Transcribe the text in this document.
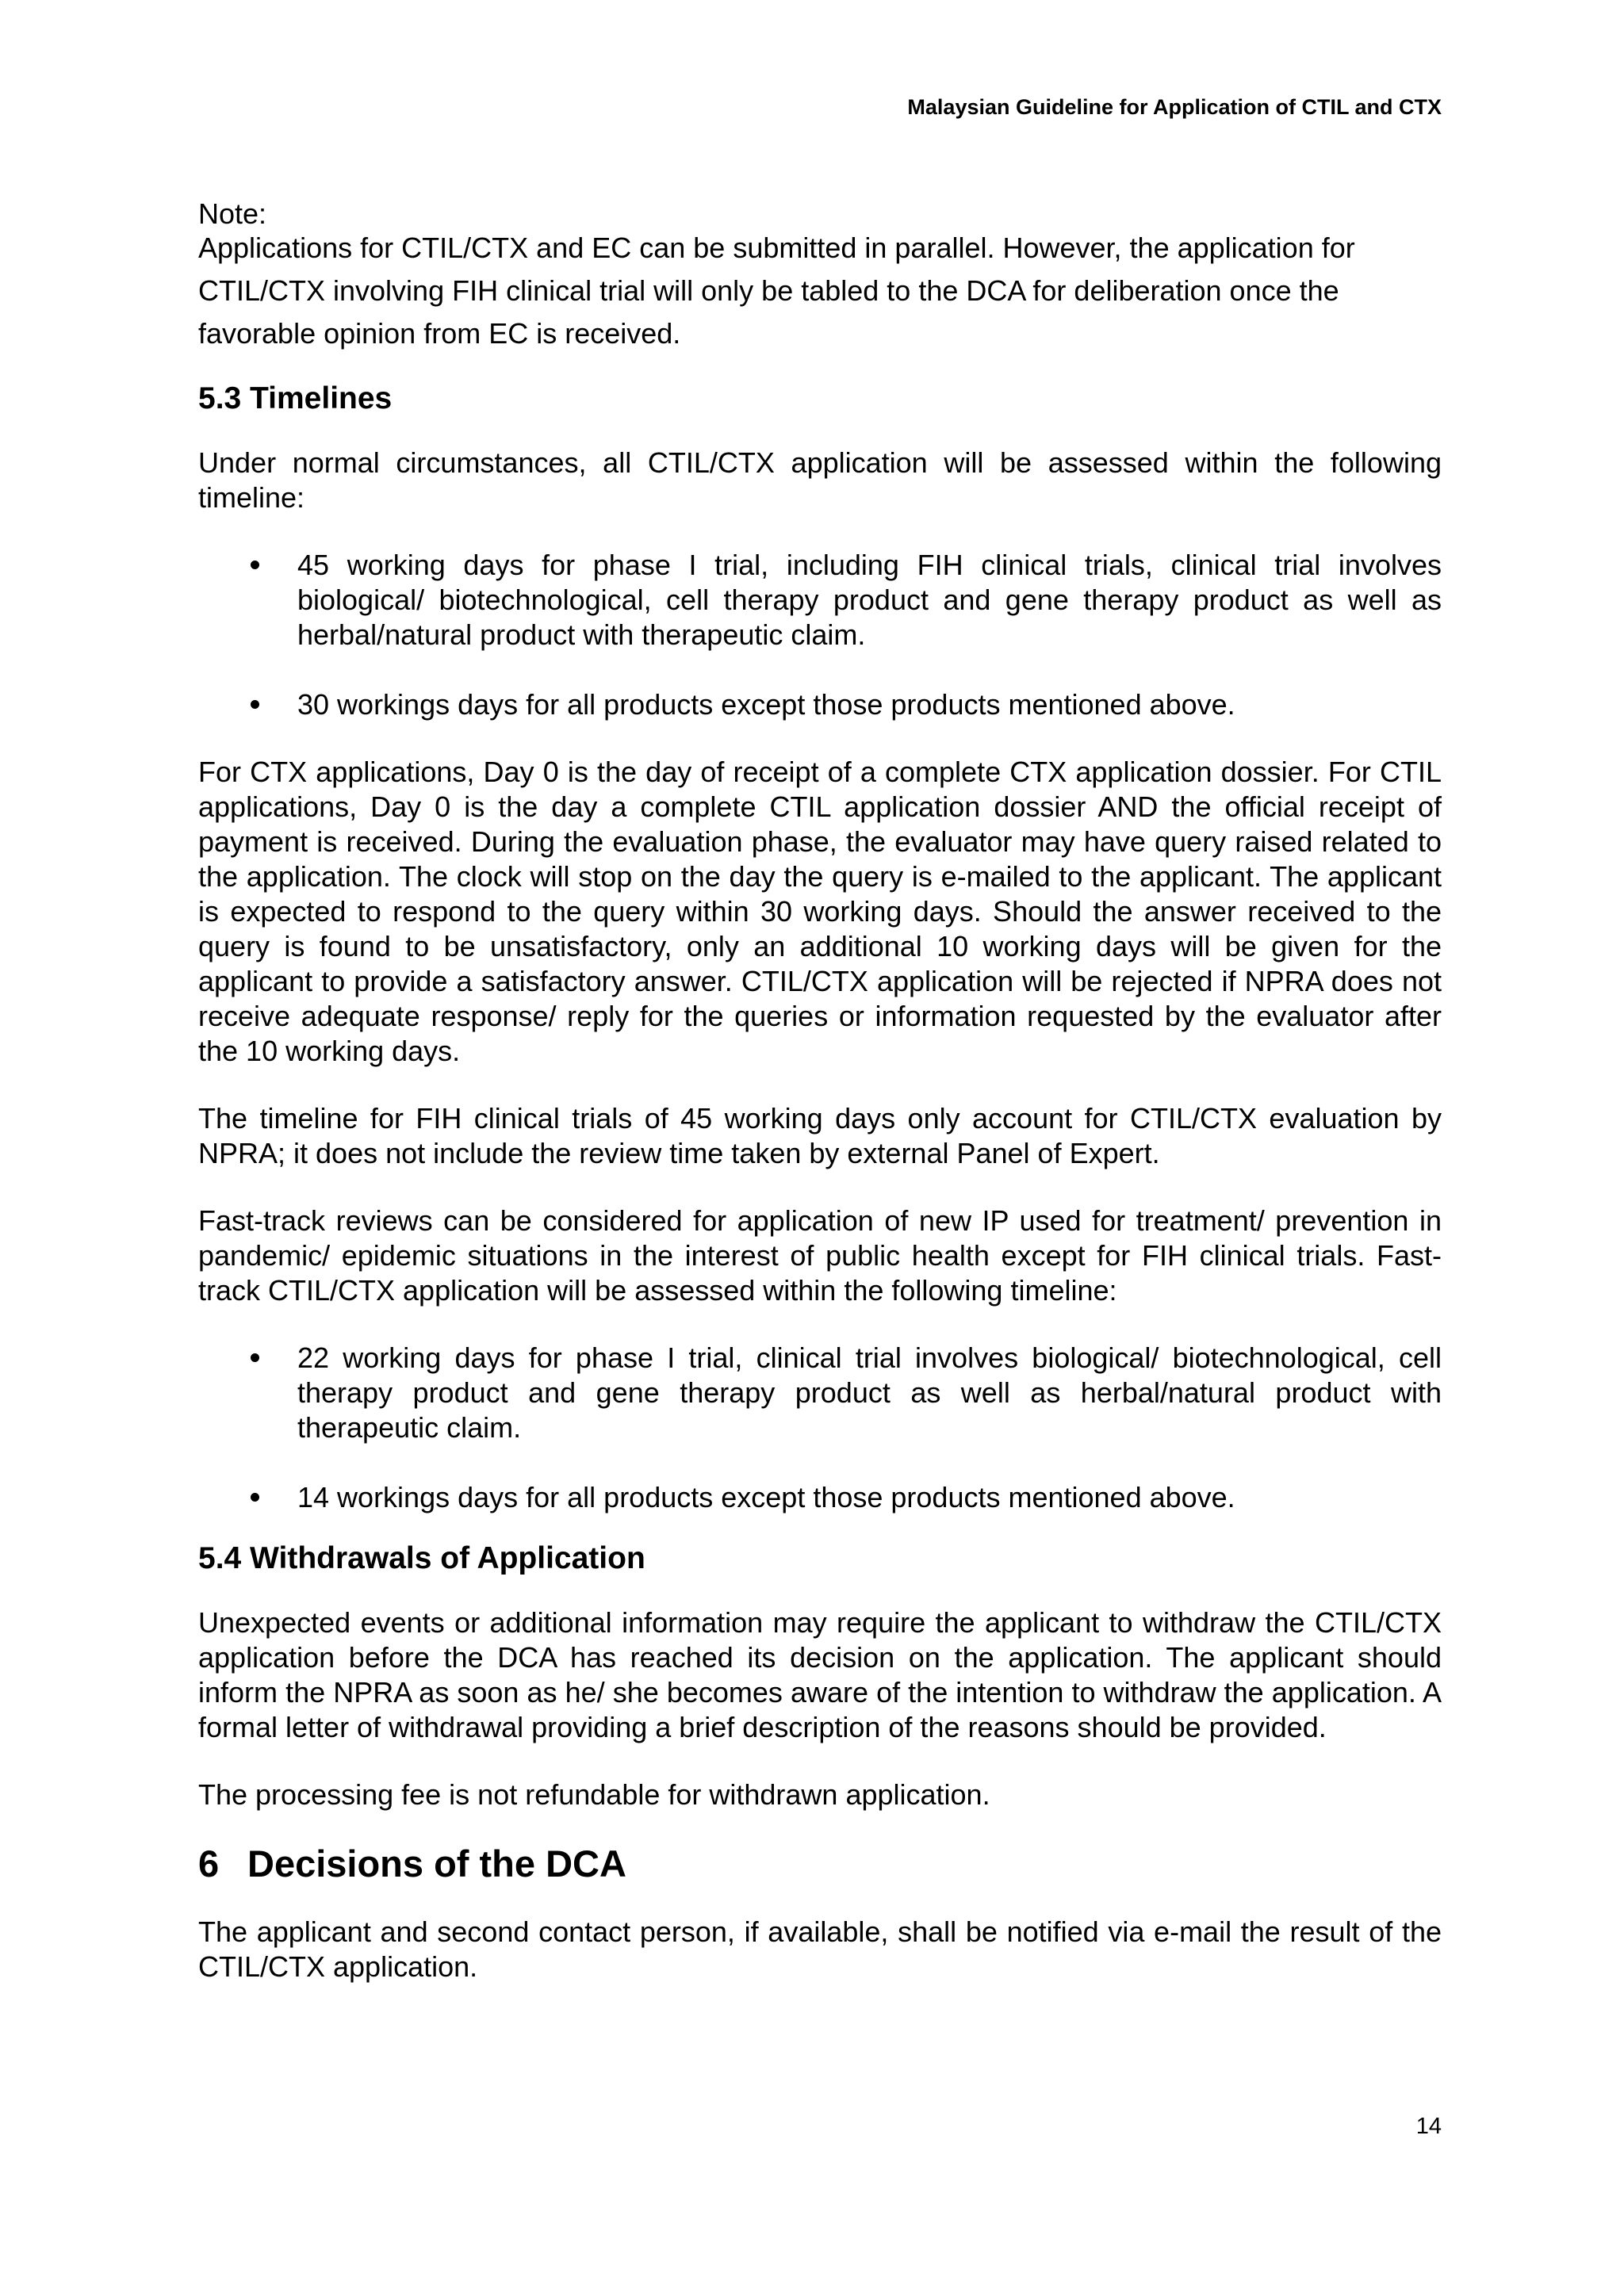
Malaysian Guideline for Application of CTIL and CTX

Note:

Applications for CTIL/CTX and EC can be submitted in parallel. However, the application for CTIL/CTX involving FIH clinical trial will only be tabled to the DCA for deliberation once the favorable opinion from EC is received.

5.3 Timelines

Under normal circumstances, all CTIL/CTX application will be assessed within the following timeline:

45 working days for phase I trial, including FIH clinical trials, clinical trial involves biological/ biotechnological, cell therapy product and gene therapy product as well as herbal/natural product with therapeutic claim.
30 workings days for all products except those products mentioned above.

For CTX applications, Day 0 is the day of receipt of a complete CTX application dossier. For CTIL applications, Day 0 is the day a complete CTIL application dossier AND the official receipt of payment is received. During the evaluation phase, the evaluator may have query raised related to the application. The clock will stop on the day the query is e-mailed to the applicant. The applicant is expected to respond to the query within 30 working days. Should the answer received to the query is found to be unsatisfactory, only an additional 10 working days will be given for the applicant to provide a satisfactory answer. CTIL/CTX application will be rejected if NPRA does not receive adequate response/ reply for the queries or information requested by the evaluator after the 10 working days.

The timeline for FIH clinical trials of 45 working days only account for CTIL/CTX evaluation by NPRA; it does not include the review time taken by external Panel of Expert.

Fast-track reviews can be considered for application of new IP used for treatment/ prevention in pandemic/ epidemic situations in the interest of public health except for FIH clinical trials. Fast-track CTIL/CTX application will be assessed within the following timeline:

22 working days for phase I trial, clinical trial involves biological/ biotechnological, cell therapy product and gene therapy product as well as herbal/natural product with therapeutic claim.
14 workings days for all products except those products mentioned above.
5.4 Withdrawals of Application

Unexpected events or additional information may require the applicant to withdraw the CTIL/CTX application before the DCA has reached its decision on the application. The applicant should inform the NPRA as soon as he/ she becomes aware of the intention to withdraw the application. A formal letter of withdrawal providing a brief description of the reasons should be provided.

The processing fee is not refundable for withdrawn application.

6 Decisions of the DCA

The applicant and second contact person, if available, shall be notified via e-mail the result of the CTIL/CTX application.

14
